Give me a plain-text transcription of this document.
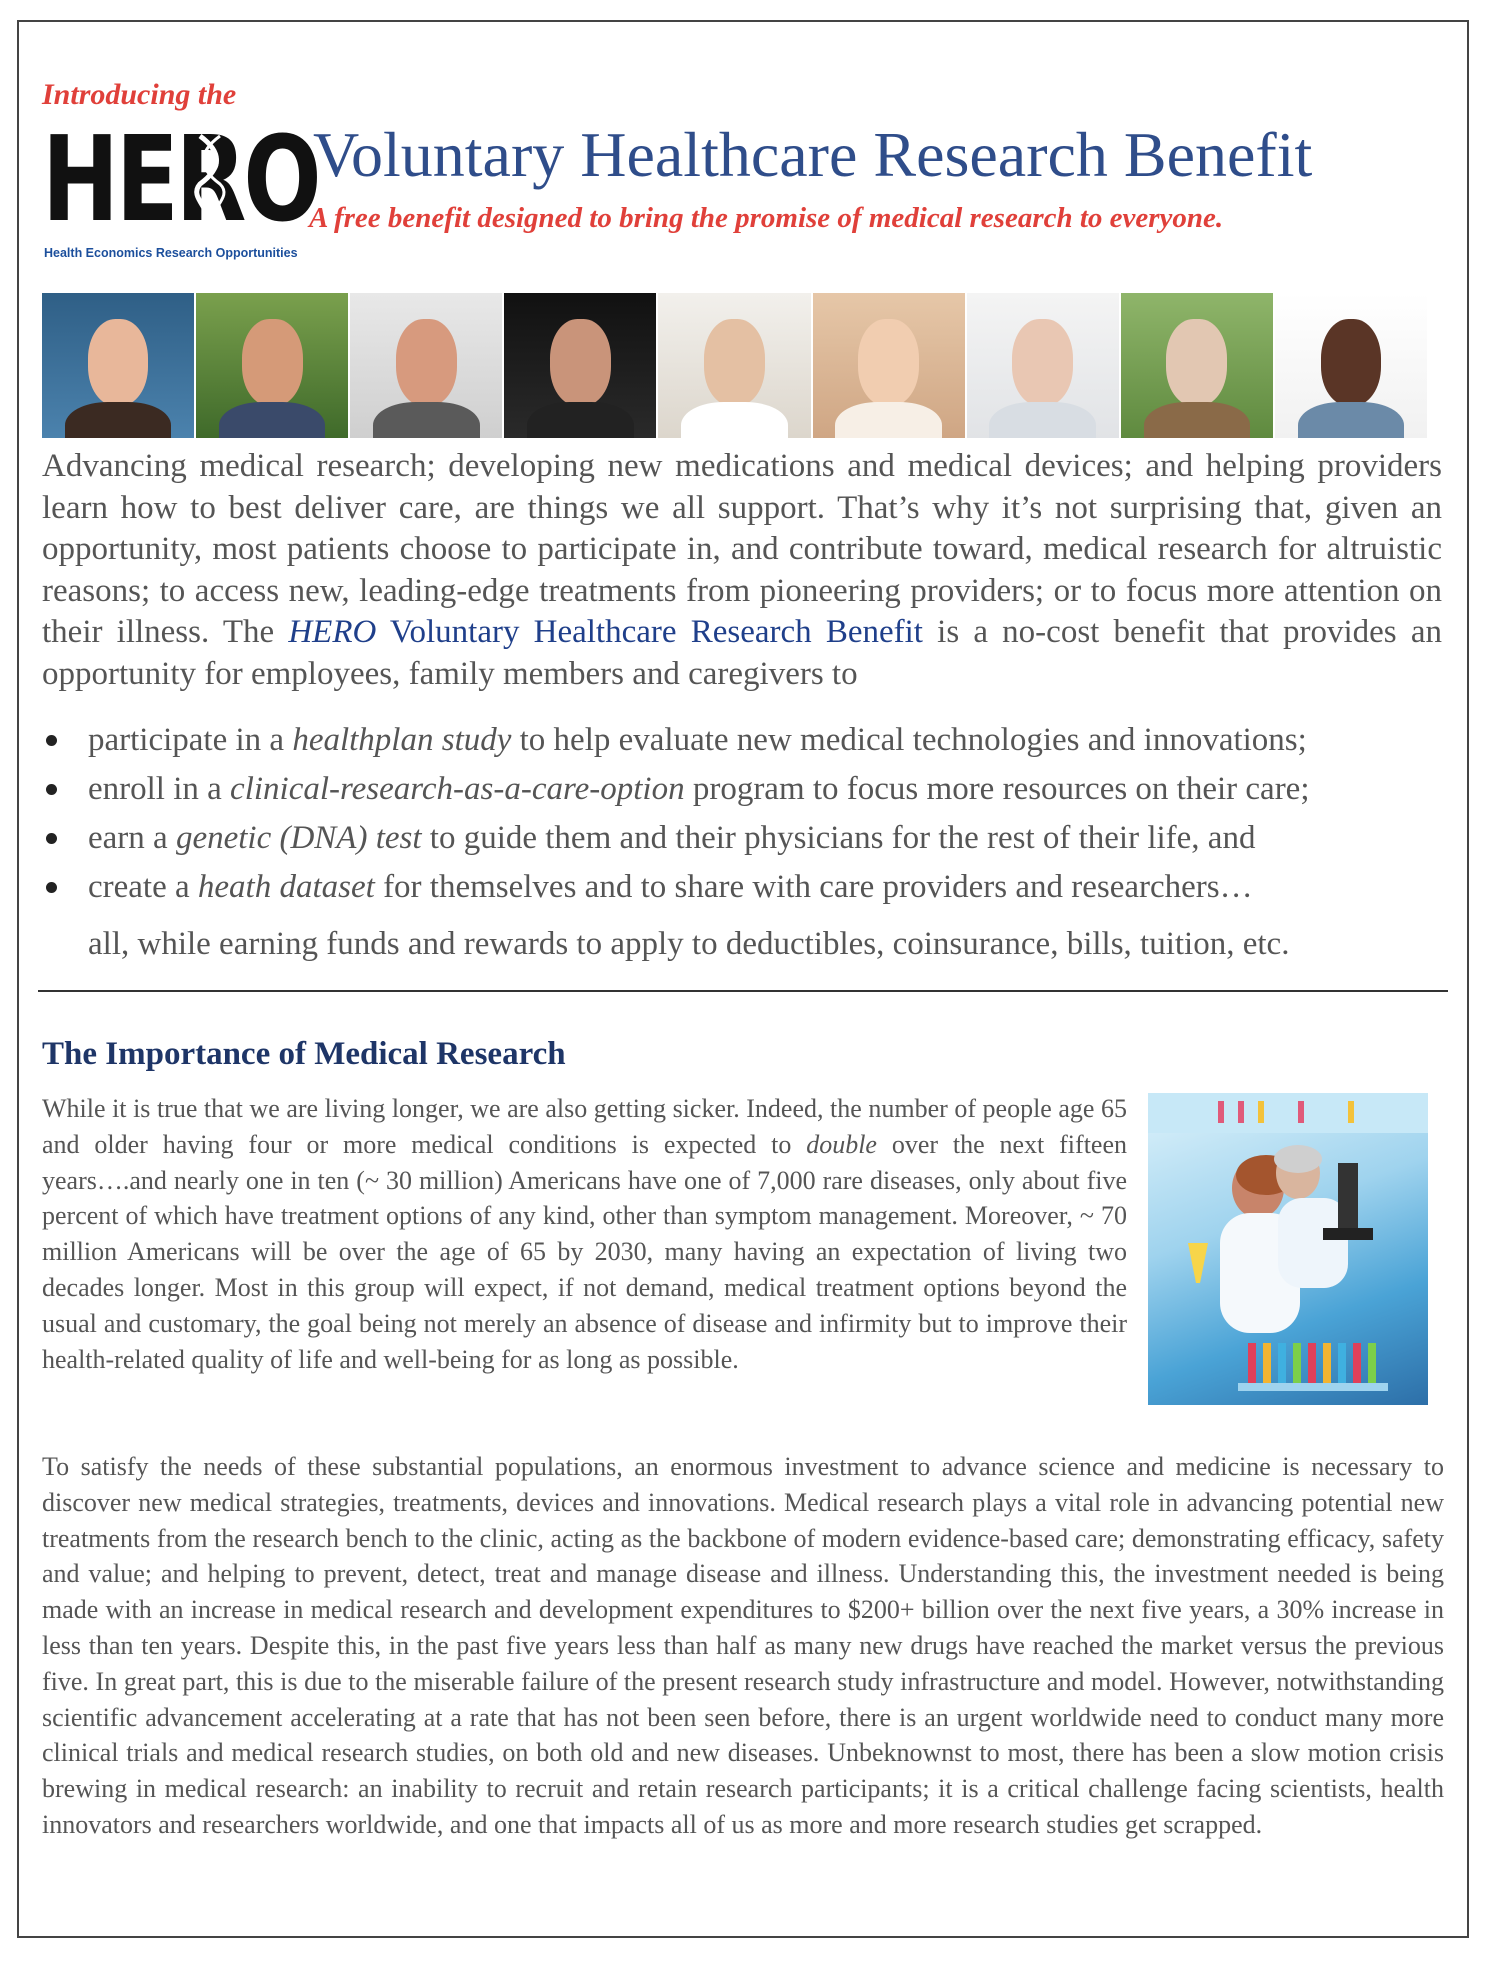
Introducing the
HERO
Health Economics Research Opportunities
Voluntary Healthcare Research Benefit
A free benefit designed to bring the promise of medical research to everyone.
Advancing medical research; developing new medications and medical devices; and helping providers learn how to best deliver care, are things we all support. That’s why it’s not surprising that, given an opportunity, most patients choose to participate in, and contribute toward, medical research for altruistic reasons; to access new, leading-edge treatments from pioneering providers; or to focus more attention on their illness. The HERO Voluntary Healthcare Research Benefit is a no-cost benefit that provides an opportunity for employees, family members and caregivers to
participate in a healthplan study to help evaluate new medical technologies and innovations;
enroll in a clinical-research-as-a-care-option program to focus more resources on their care;
earn a genetic (DNA) test to guide them and their physicians for the rest of their life, and
create a heath dataset for themselves and to share with care providers and researchers…
all, while earning funds and rewards to apply to deductibles, coinsurance, bills, tuition, etc.
The Importance of Medical Research
While it is true that we are living longer, we are also getting sicker. Indeed, the number of people age 65 and older having four or more medical conditions is expected to double over the next fifteen years….and nearly one in ten (~ 30 million) Americans have one of 7,000 rare diseases, only about five percent of which have treatment options of any kind, other than symptom management. Moreover, ~ 70 million Americans will be over the age of 65 by 2030, many having an expectation of living two decades longer. Most in this group will expect, if not demand, medical treatment options beyond the usual and customary, the goal being not merely an absence of disease and infirmity but to improve their health-related quality of life and well-being for as long as possible.
To satisfy the needs of these substantial populations, an enormous investment to advance science and medicine is necessary to discover new medical strategies, treatments, devices and innovations. Medical research plays a vital role in advancing potential new treatments from the research bench to the clinic, acting as the backbone of modern evidence-based care; demonstrating efficacy, safety and value; and helping to prevent, detect, treat and manage disease and illness. Understanding this, the investment needed is being made with an increase in medical research and development expenditures to $200+ billion over the next five years, a 30% increase in less than ten years. Despite this, in the past five years less than half as many new drugs have reached the market versus the previous five. In great part, this is due to the miserable failure of the present research study infrastructure and model. However, notwithstanding scientific advancement accelerating at a rate that has not been seen before, there is an urgent worldwide need to conduct many more clinical trials and medical research studies, on both old and new diseases. Unbeknownst to most, there has been a slow motion crisis brewing in medical research: an inability to recruit and retain research participants; it is a critical challenge facing scientists, health innovators and researchers worldwide, and one that impacts all of us as more and more research studies get scrapped.
